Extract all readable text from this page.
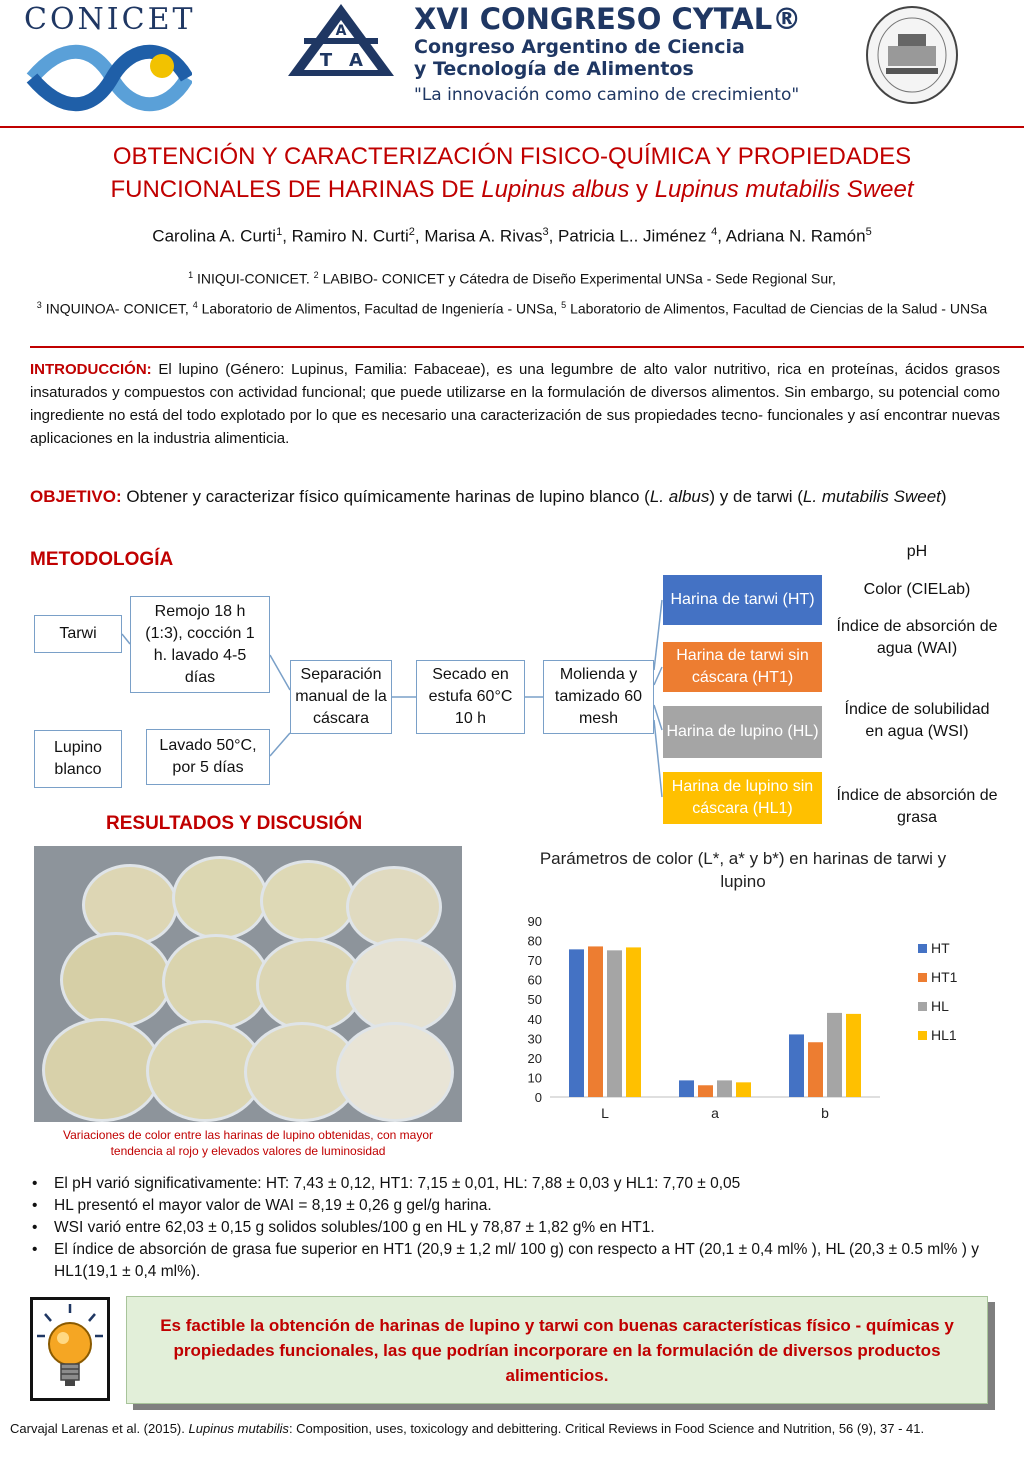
CONICET	A
T A
XVI CONGRESO CYTAL®
Congreso Argentino de Ciencia
y Tecnología de Alimentos
"La innovación como camino de crecimiento"
OBTENCIÓN Y CARACTERIZACIÓN FISICO-QUÍMICA Y PROPIEDADES
FUNCIONALES DE HARINAS DE Lupinus albus y Lupinus mutabilis Sweet
Carolina A. Curti$^1$, Ramiro N. Curti$^2$, Marisa A. Rivas$^3$, Patricia L.. Jiménez $^4$, Adriana N. Ramón$^5$
$^1$ INIQUI-CONICET. $^2$ LABIBO- CONICET y Cátedra de Diseño Experimental UNSa - Sede Regional Sur,
$^3$ INQUINOA- CONICET, $^4$ Laboratorio de Alimentos, Facultad de Ingeniería - UNSa, $^5$ Laboratorio de Alimentos, Facultad de Ciencias de la Salud - UNSa
INTRODUCCIÓN: El lupino (Género: Lupinus, Familia: Fabaceae), es una legumbre de alto valor nutritivo, rica en proteínas, ácidos grasos insaturados y compuestos con actividad funcional; que puede utilizarse en la formulación de diversos alimentos. Sin embargo, su potencial como ingrediente no está del todo explotado por lo que es necesario una caracterización de sus propiedades tecno- funcionales y así encontrar nuevas aplicaciones en la industria alimenticia.
OBJETIVO: Obtener y caracterizar físico químicamente harinas de lupino blanco (L. albus) y de tarwi (L. mutabilis Sweet)
METODOLOGÍA
Tarwi
Lupino blanco
Remojo 18 h (1:3), cocción 1 h. lavado 4-5 días
Lavado 50°C, por 5 días
Separación manual de la cáscara
Secado en estufa 60°C 10 h
Molienda y tamizado 60 mesh
Harina de tarwi (HT)
Harina de tarwi sin cáscara (HT1)
Harina de lupino (HL)
Harina de lupino sin cáscara (HL1)
pH
Color (CIELab)
Índice de absorción de agua (WAI)
Índice de solubilidad en agua (WSI)
Índice de absorción de grasa
RESULTADOS Y DISCUSIÓN
Variaciones de color entre las harinas de lupino obtenidas, con mayor tendencia al rojo y elevados valores de luminosidad
Parámetros de color (L*, a* y b*) en harinas de tarwi y lupino
0
10
20
30
40
50
60
70
80
90
L	a	b
HT
HT1
HL
HL1
• El pH varió significativamente: HT: 7,43 ± 0,12, HT1: 7,15 ± 0,01, HL: 7,88 ± 0,03 y HL1: 7,70 ± 0,05
• HL presentó el mayor valor de WAI = 8,19 ± 0,26 g gel/g harina.
• WSI varió entre 62,03 ± 0,15 g solidos solubles/100 g en HL y 78,87 ± 1,82 g% en HT1.
• El índice de absorción de grasa fue superior en HT1 (20,9 ± 1,2 ml/ 100 g) con respecto a HT (20,1 ± 0,4 ml% ), HL (20,3 ± 0.5 ml% ) y HL1(19,1 ± 0,4 ml%).
Es factible la obtención de harinas de lupino y tarwi con buenas características físico - químicas y propiedades funcionales, las que podrían incorporare en la formulación de diversos productos alimenticios.
Carvajal Larenas et al. (2015). Lupinus mutabilis: Composition, uses, toxicology and debittering. Critical Reviews in Food Science and Nutrition, 56 (9), 37 - 41.
